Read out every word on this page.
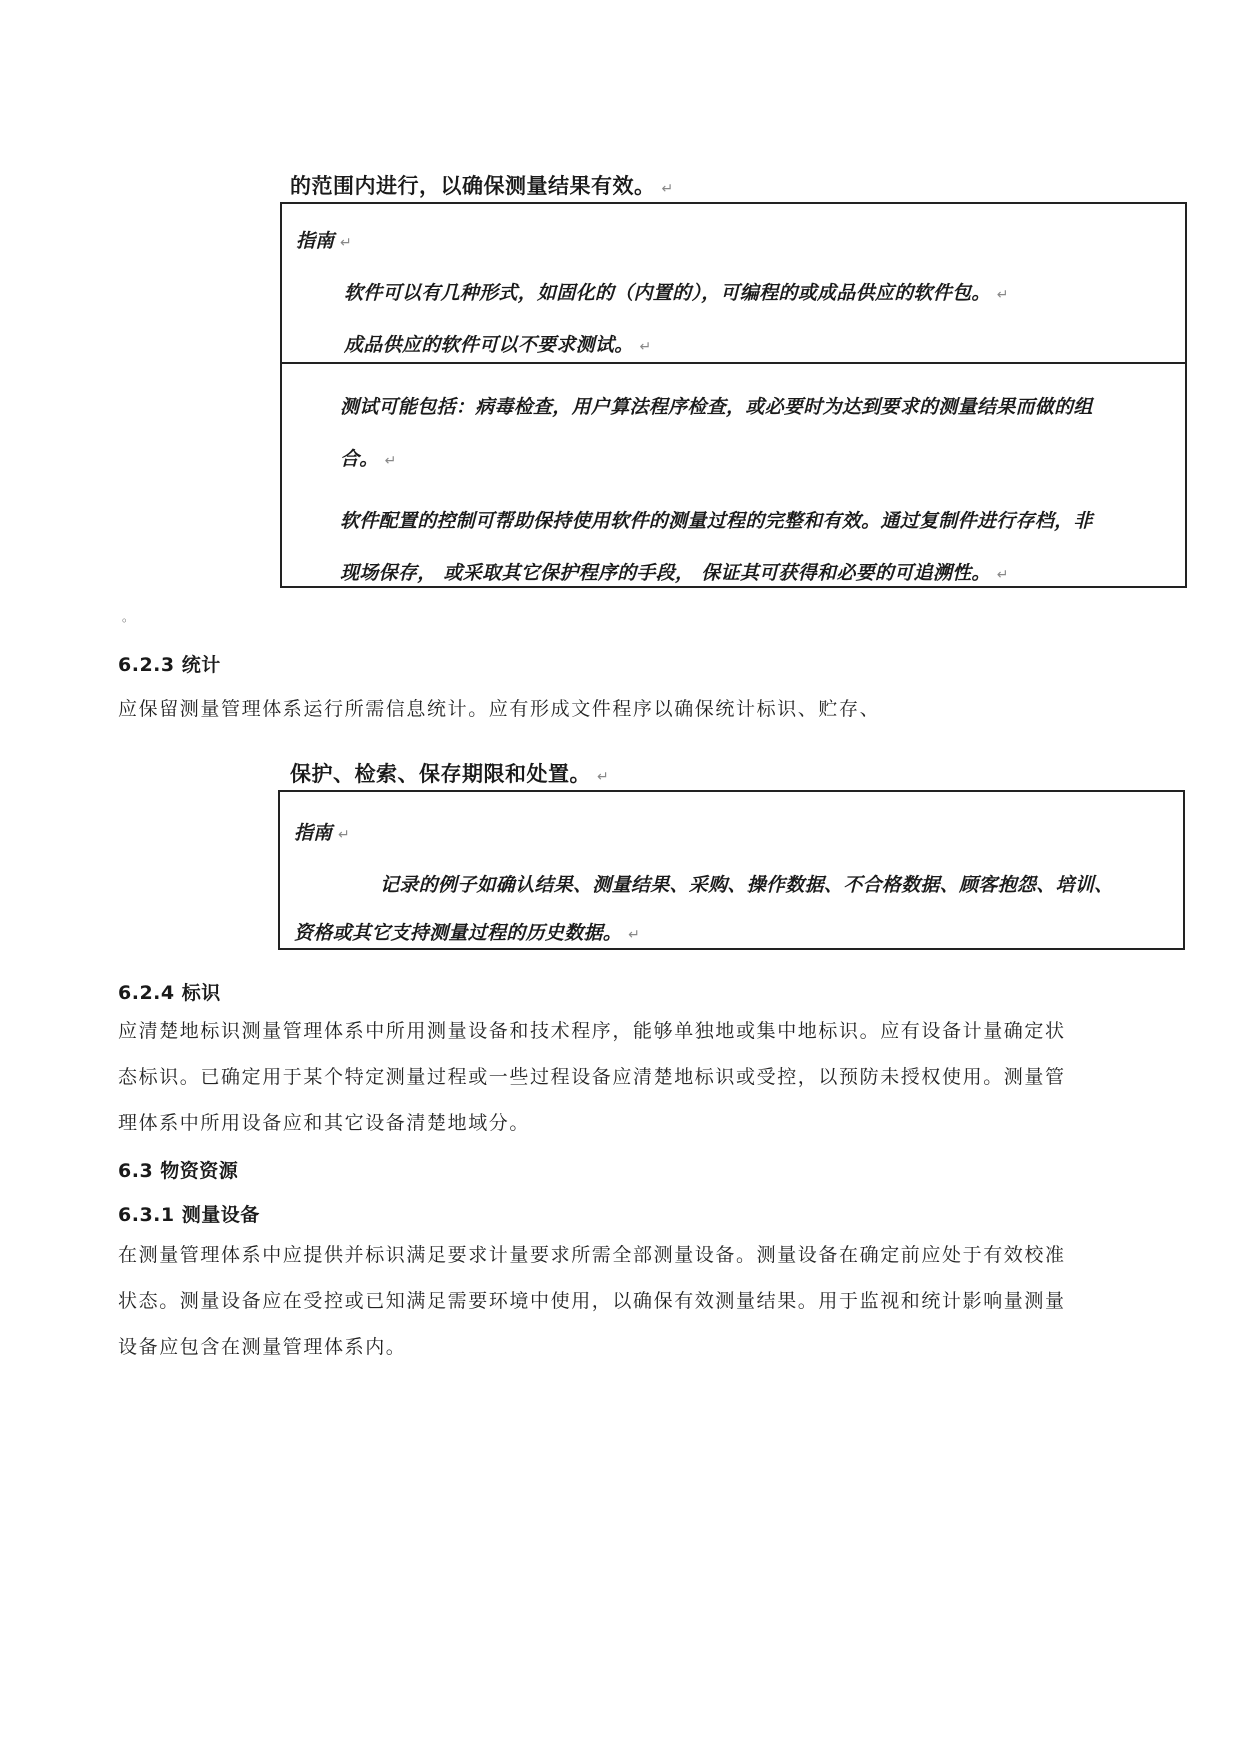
的范围内进行，以确保测量结果有效。 ↵
指南 ↵
软件可以有几种形式，如固化的（内置的），可编程的或成品供应的软件包。 ↵
成品供应的软件可以不要求测试。 ↵
测试可能包括：病毒检查，用户算法程序检查，或必要时为达到要求的测量结果而做的组
合。 ↵
软件配置的控制可帮助保持使用软件的测量过程的完整和有效。通过复制件进行存档，非
现场保存， 或采取其它保护程序的手段， 保证其可获得和必要的可追溯性。 ↵
。
6.2.3 统计
应保留测量管理体系运行所需信息统计。应有形成文件程序以确保统计标识、贮存、
保护、检索、保存期限和处置。 ↵
指南 ↵
记录的例子如确认结果、测量结果、采购、操作数据、不合格数据、顾客抱怨、培训、
资格或其它支持测量过程的历史数据。 ↵
6.2.4 标识
应清楚地标识测量管理体系中所用测量设备和技术程序，能够单独地或集中地标识。应有设备计量确定状
态标识。已确定用于某个特定测量过程或一些过程设备应清楚地标识或受控，以预防未授权使用。测量管
理体系中所用设备应和其它设备清楚地域分。
6.3 物资资源
6.3.1 测量设备
在测量管理体系中应提供并标识满足要求计量要求所需全部测量设备。测量设备在确定前应处于有效校准
状态。测量设备应在受控或已知满足需要环境中使用，以确保有效测量结果。用于监视和统计影响量测量
设备应包含在测量管理体系内。
